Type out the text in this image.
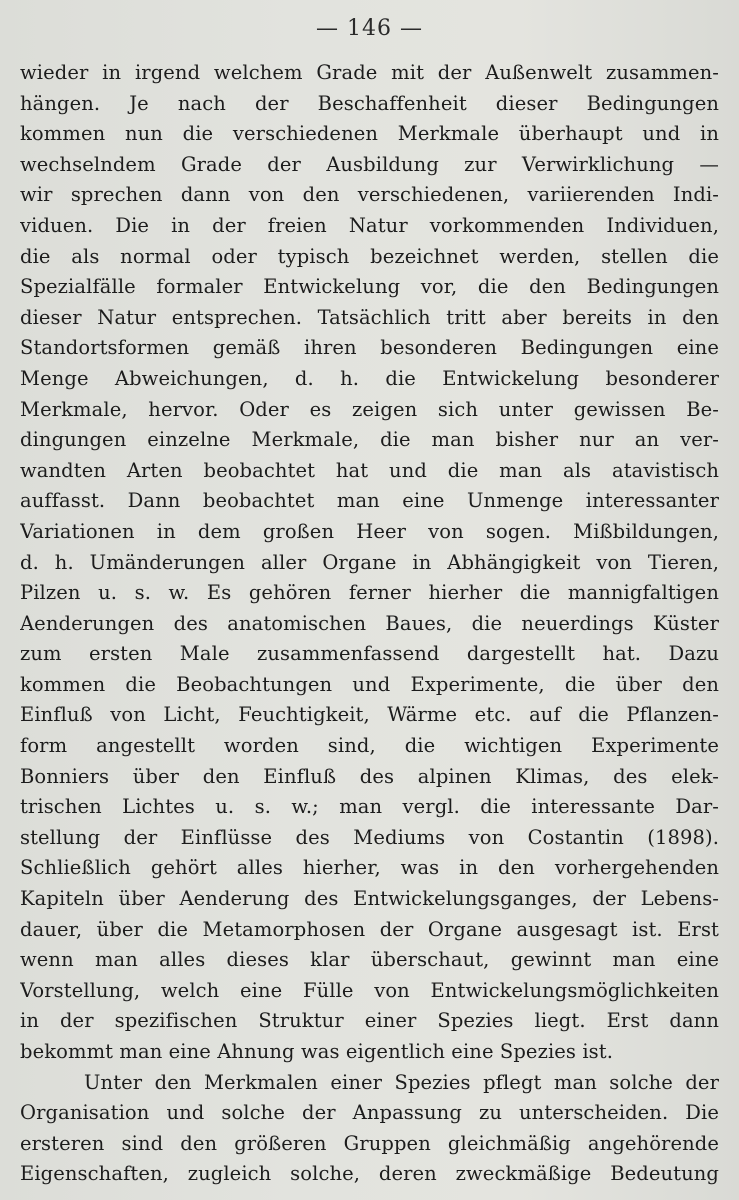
— 146 —
wieder in irgend welchem Grade mit der Außenwelt zusammen-
hängen. Je nach der Beschaffenheit dieser Bedingungen
kommen nun die verschiedenen Merkmale überhaupt und in
wechselndem Grade der Ausbildung zur Verwirklichung —
wir sprechen dann von den verschiedenen, variierenden Indi-
viduen. Die in der freien Natur vorkommenden Individuen,
die als normal oder typisch bezeichnet werden, stellen die
Spezialfälle formaler Entwickelung vor, die den Bedingungen
dieser Natur entsprechen. Tatsächlich tritt aber bereits in den
Standortsformen gemäß ihren besonderen Bedingungen eine
Menge Abweichungen, d. h. die Entwickelung besonderer
Merkmale, hervor. Oder es zeigen sich unter gewissen Be-
dingungen einzelne Merkmale, die man bisher nur an ver-
wandten Arten beobachtet hat und die man als atavistisch
auffasst. Dann beobachtet man eine Unmenge interessanter
Variationen in dem großen Heer von sogen. Mißbildungen,
d. h. Umänderungen aller Organe in Abhängigkeit von Tieren,
Pilzen u. s. w. Es gehören ferner hierher die mannigfaltigen
Aenderungen des anatomischen Baues, die neuerdings Küster
zum ersten Male zusammenfassend dargestellt hat. Dazu
kommen die Beobachtungen und Experimente, die über den
Einfluß von Licht, Feuchtigkeit, Wärme etc. auf die Pflanzen-
form angestellt worden sind, die wichtigen Experimente
Bonniers über den Einfluß des alpinen Klimas, des elek-
trischen Lichtes u. s. w.; man vergl. die interessante Dar-
stellung der Einflüsse des Mediums von Costantin (1898).
Schließlich gehört alles hierher, was in den vorhergehenden
Kapiteln über Aenderung des Entwickelungsganges, der Lebens-
dauer, über die Metamorphosen der Organe ausgesagt ist. Erst
wenn man alles dieses klar überschaut, gewinnt man eine
Vorstellung, welch eine Fülle von Entwickelungsmöglichkeiten
in der spezifischen Struktur einer Spezies liegt. Erst dann
bekommt man eine Ahnung was eigentlich eine Spezies ist.
Unter den Merkmalen einer Spezies pflegt man solche der
Organisation und solche der Anpassung zu unterscheiden. Die
ersteren sind den größeren Gruppen gleichmäßig angehörende
Eigenschaften, zugleich solche, deren zweckmäßige Bedeutung
